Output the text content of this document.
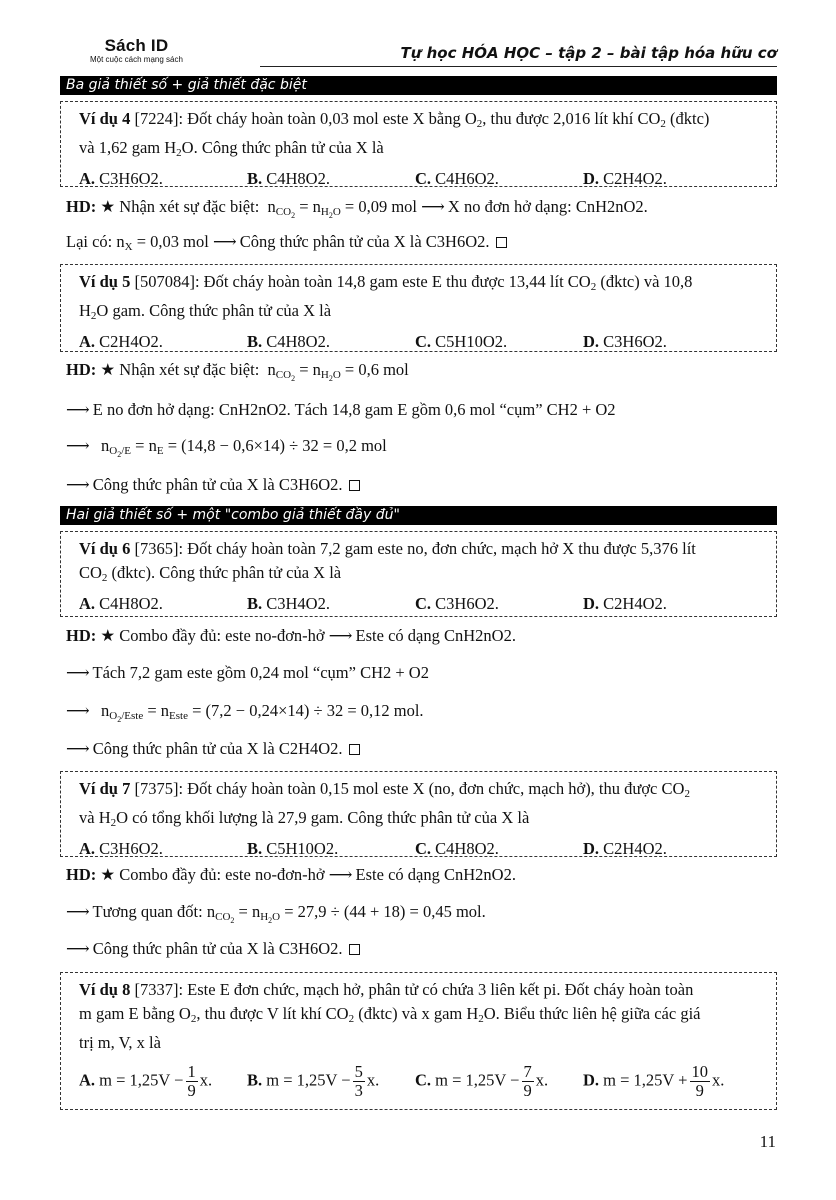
Sách ID
Một cuộc cách mạng sách	Tự học HÓA HỌC – tập 2 – bài tập hóa hữu cơ
Ba giả thiết số + giả thiết đặc biệt

Ví dụ 4 [7224]: Đốt cháy hoàn toàn 0,03 mol este X bằng $O_2$, thu được 2,016 lít khí $CO_2$ (đktc)

và 1,62 gam $H_2O$. Công thức phân tử của X là

A. C3H6O2.	B. C4H8O2.	C. C4H6O2.	D. C2H4O2.
HD: ★ Nhận xét sự đặc biệt:  $nCO_2 = nH_2O = 0,09$ mol ⟶ X no đơn hở dạng: CnH2nO2.
Lại có: nX = 0,03 mol ⟶ Công thức phân tử của X là C3H6O2.

Ví dụ 5 [507084]: Đốt cháy hoàn toàn 14,8 gam este E thu được 13,44 lít $CO_2$ (đktc) và 10,8

$H_2O$ gam. Công thức phân tử của X là

A. C2H4O2.	B. C4H8O2.	C. C5H10O2.	D. C3H6O2.
HD: ★ Nhận xét sự đặc biệt:  $nCO_2 = nH_2O = 0,6$ mol
⟶ E no đơn hở dạng: CnH2nO2. Tách 14,8 gam E gồm 0,6 mol “cụm” CH2 + O2
⟶   $nO_2/E$ = nE = (14,8 − 0,6×14) ÷ 32 = 0,2 mol
⟶ Công thức phân tử của X là C3H6O2.
Hai giả thiết số + một "combo giả thiết đầy đủ"

Ví dụ 6 [7365]: Đốt cháy hoàn toàn 7,2 gam este no, đơn chức, mạch hở X thu được 5,376 lít

$CO_2$ (đktc). Công thức phân tử của X là

A. C4H8O2.	B. C3H4O2.	C. C3H6O2.	D. C2H4O2.
HD: ★ Combo đầy đủ: este no-đơn-hở ⟶ Este có dạng CnH2nO2.
⟶ Tách 7,2 gam este gồm 0,24 mol “cụm” CH2 + O2
⟶   $nO_2$/Este = nEste = (7,2 − 0,24×14) ÷ 32 = 0,12 mol.
⟶ Công thức phân tử của X là C2H4O2.

Ví dụ 7 [7375]: Đốt cháy hoàn toàn 0,15 mol este X (no, đơn chức, mạch hở), thu được $CO_2$

và $H_2O$ có tổng khối lượng là 27,9 gam. Công thức phân tử của X là

A. C3H6O2.	B. C5H10O2.	C. C4H8O2.	D. C2H4O2.
HD: ★ Combo đầy đủ: este no-đơn-hở ⟶ Este có dạng CnH2nO2.
⟶ Tương quan đốt: $nCO_2 = nH_2O = 27,9 \div (44 + 18) = 0,45$ mol.
⟶ Công thức phân tử của X là C3H6O2.

Ví dụ 8 [7337]: Este E đơn chức, mạch hở, phân tử có chứa 3 liên kết pi. Đốt cháy hoàn toàn

m gam E bằng $O_2$, thu được V lít khí $CO_2$ (đktc) và x gam $H_2O$. Biểu thức liên hệ giữa các giá

trị m, V, x là

A. $m = 1,25V - \frac{1}{9} x$. B. $m = 1,25V - \frac{5}{3} x$. C. $m = 1,25V - \frac{7}{9} x$. D. $m = 1,25V + \frac{10}{9} x$.
11
